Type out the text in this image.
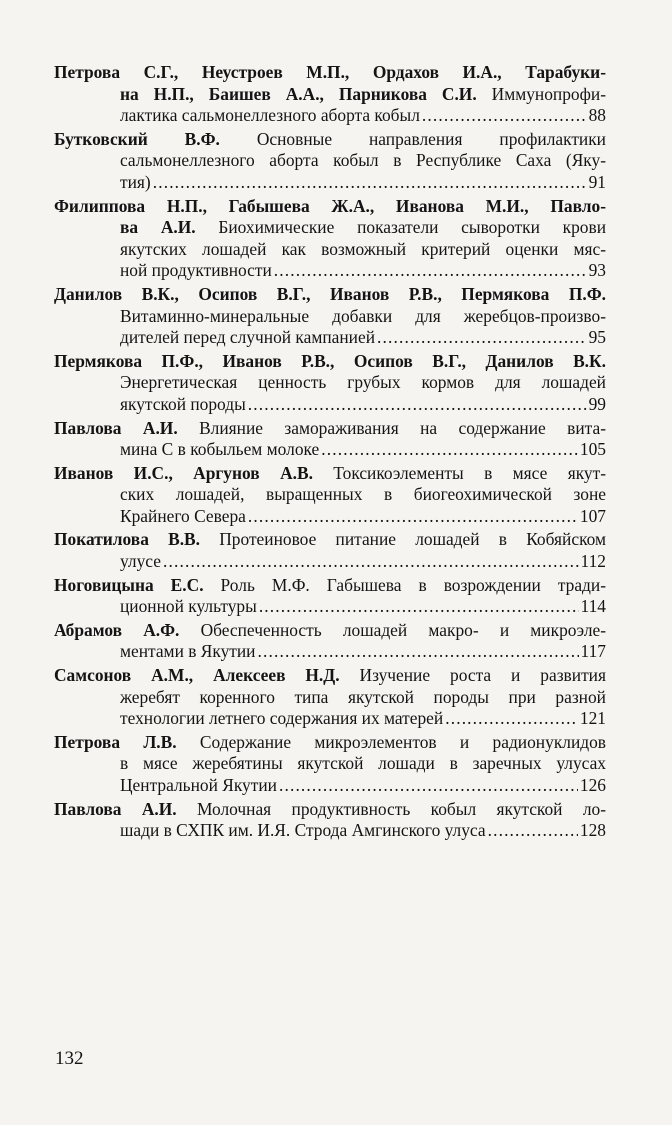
Петрова С.Г., Неустроев М.П., Ордахов И.А., Тарабуки-
на Н.П., Баишев А.А., Парникова С.И. Иммунопрофи-
лактика сальмонеллезного аборта кобыл . . .	88
Бутковский В.Ф. Основные направления профилактики
сальмонеллезного аборта кобыл в Республике Саха (Яку-
тия) . . .	91
Филиппова Н.П., Габышева Ж.А., Иванова М.И., Павло-
ва А.И. Биохимические показатели сыворотки крови
якутских лошадей как возможный критерий оценки мяс-
ной продуктивности . . .	93
Данилов В.К., Осипов В.Г., Иванов Р.В., Пермякова П.Ф.
Витаминно-минеральные добавки для жеребцов-произво-
дителей перед случной кампанией . . .	95
Пермякова П.Ф., Иванов Р.В., Осипов В.Г., Данилов В.К.
Энергетическая ценность грубых кормов для лошадей
якутской породы . . .	99
Павлова А.И. Влияние замораживания на содержание вита-
мина С в кобыльем молоке . . .	105
Иванов И.С., Аргунов А.В. Токсикоэлементы в мясе якут-
ских лошадей, выращенных в биогеохимической зоне
Крайнего Севера . . .	107
Покатилова В.В. Протеиновое питание лошадей в Кобяйском
улусе . . .	112
Ноговицына Е.С. Роль М.Ф. Габышева в возрождении тради-
ционной культуры . . .	114
Абрамов А.Ф. Обеспеченность лошадей макро- и микроэле-
ментами в Якутии . . .	117
Самсонов А.М., Алексеев Н.Д. Изучение роста и развития
жеребят коренного типа якутской породы при разной
технологии летнего содержания их матерей . . .	121
Петрова Л.В. Содержание микроэлементов и радионуклидов
в мясе жеребятины якутской лошади в заречных улусах
Центральной Якутии . . .	126
Павлова А.И. Молочная продуктивность кобыл якутской ло-
шади в СХПК им. И.Я. Строда Амгинского улуса . . .	128
132
